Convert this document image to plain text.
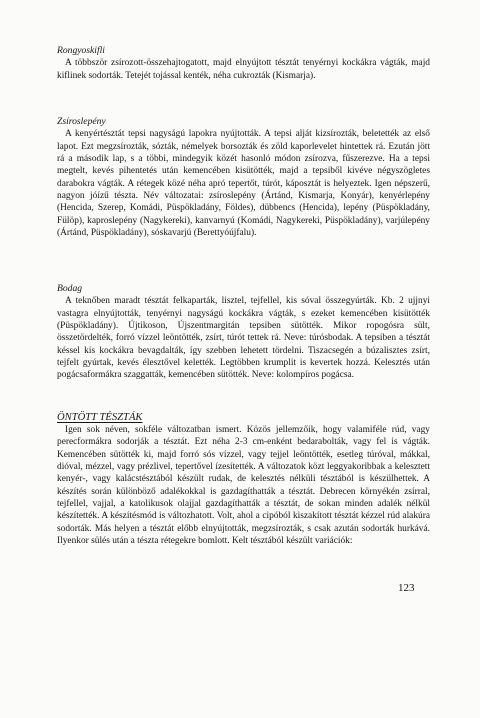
Rongyoskifli

A többször zsírozott-összehajtogatott, majd elnyújtott tésztát tenyérnyi kockákra vágták, majd kiflinek sodorták. Tetejét tojással kenték, néha cukrozták (Kismarja).

Zsíroslepény

A kenyértésztát tepsi nagyságú lapokra nyújtották. A tepsi alját kizsírozták, beletették az első lapot. Ezt megzsírozták, sózták, némelyek borsozták és zöld kaporlevelet hintettek rá. Ezután jött rá a második lap, s a többi, mindegyik közét hasonló módon zsírozva, fűszerezve. Ha a tepsi megtelt, kevés pihentetés után kemencében kisütötték, majd a tepsiből kivéve négyszögletes darabokra vágták. A rétegek közé néha apró tepertőt, túrót, káposztát is helyeztek. Igen népszerű, nagyon jóízű tészta. Név változatai: zsíroslepény (Ártánd, Kismarja, Konyár), kenyérlepény (Hencida, Szerep, Komádi, Püspökladány, Földes), dübbencs (Hencida), lepény (Püspökladány, Fülöp), kaproslepény (Nagykereki), kanvarnyú (Komádi, Nagykereki, Püspökladány), varjúlepény (Ártánd, Püspökladány), sóskavarjú (Berettyóújfalu).

Bodag

A teknőben maradt tésztát felkaparták, lisztel, tejfellel, kis sóval összegyúrták. Kb. 2 ujjnyi vastagra elnyújtották, tenyérnyi nagyságú kockákra vágták, s ezeket kemencében kisütötték (Püspökladány). Újtikoson, Újszentmargitán tepsiben sütötték. Mikor ropogósra sült, összetördelték, forró vízzel leöntötték, zsírt, túrót tettek rá. Neve: túrósbodak. A tepsiben a tésztát késsel kis kockákra bevagdalták, így szebben lehetett tördelni. Tiszacsegén a búzalisztes zsírt, tejfelt gyúrtak, kevés élesztővel kelették. Legtöbben krumplit is kevertek hozzá. Kelesztés után pogácsaformákra szaggatták, kemencében sütötték. Neve: kolompíros pogácsa.

ÖNTÖTT TÉSZTÁK

Igen sok néven, sokféle változatban ismert. Közös jellemzőik, hogy valamiféle rúd, vagy perecformákra sodorják a tésztát. Ezt néha 2-3 cm-enként bedarabolták, vagy fel is vágták. Kemencében sütötték ki, majd forró sós vízzel, vagy tejjel leöntötték, esetleg túróval, mákkal, dióval, mézzel, vagy prézlivel, tepertővel ízesítették. A változatok közt leggyakoribbak a kelesztett kenyér-, vagy kalácstésztából készült rudak, de kelesztés nélküli tésztából is készülhettek. A készítés során különböző adalékokkal is gazdagíthatták a tésztát. Debrecen környékén zsírral, tejfellel, vajjal, a katolikusok olajjal gazdagíthatták a tésztát, de sokan minden adalék nélkül készítették. A készítésmód is változhatott. Volt, ahol a cipóból kiszakított tésztát kézzel rúd alakúra sodorták. Más helyen a tésztát előbb elnyújtották, megzsírozták, s csak azután sodorták hurkává. Ilyenkor sülés után a tészta rétegekre bomlott. Kelt tésztából készült variációk:

123
